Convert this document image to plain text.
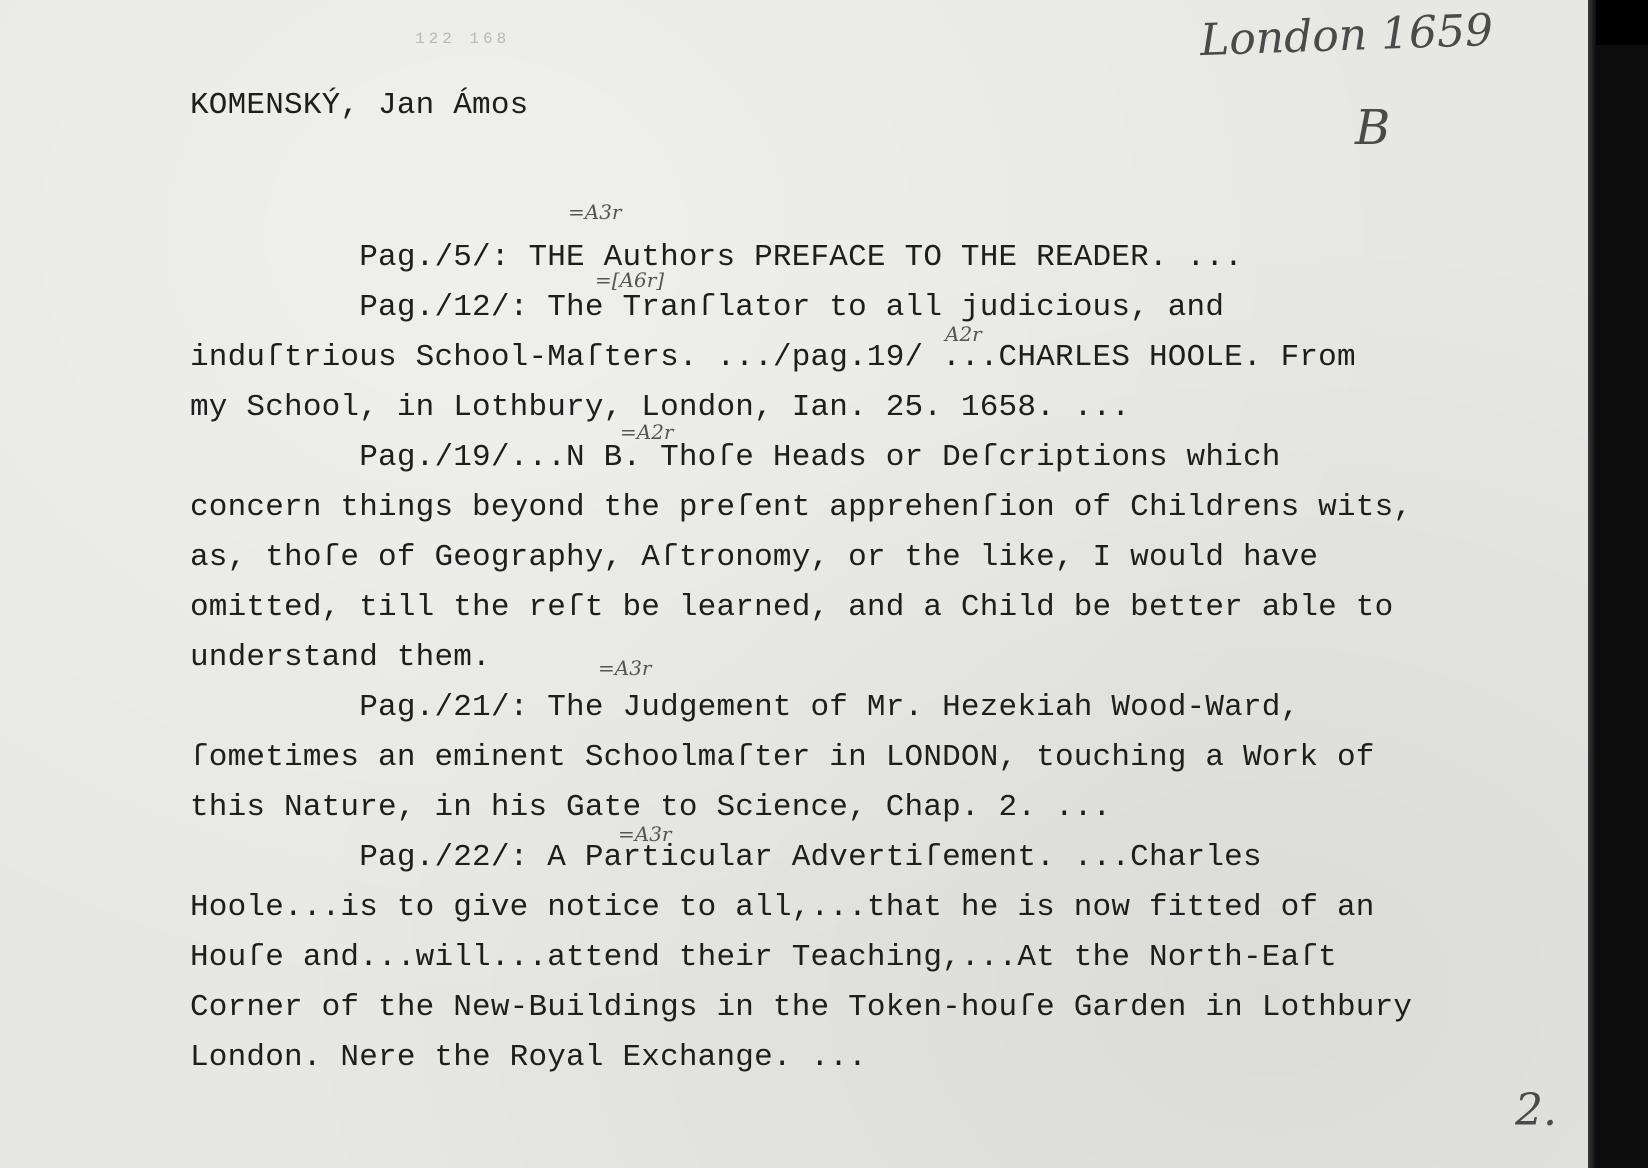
122 168	London 1659
B
KOMENSKÝ, Jan Ámos
=A3r
=[A6r]
A2r
=A2r
=A3r
=A3r
Pag./5/: THE Authors PREFACE TO THE READER. ...
Pag./12/: The Tranſlator to all judicious, and
induſtrious School-Maſters. .../pag.19/ ...CHARLES HOOLE. From
my School, in Lothbury, London, Ian. 25. 1658. ...
Pag./19/...N B. Thoſe Heads or Deſcriptions which
concern things beyond the preſent apprehenſion of Childrens wits,
as, thoſe of Geography, Aſtronomy, or the like, I would have
omitted, till the reſt be learned, and a Child be better able to
understand them.
Pag./21/: The Judgement of Mr. Hezekiah Wood-Ward,
ſometimes an eminent Schoolmaſter in LONDON, touching a Work of
this Nature, in his Gate to Science, Chap. 2. ...
Pag./22/: A Particular Advertiſement. ...Charles
Hoole...is to give notice to all,...that he is now fitted of an
Houſe and...will...attend their Teaching,...At the North-Eaſt
Corner of the New-Buildings in the Token-houſe Garden in Lothbury
London. Nere the Royal Exchange. ...
2.
